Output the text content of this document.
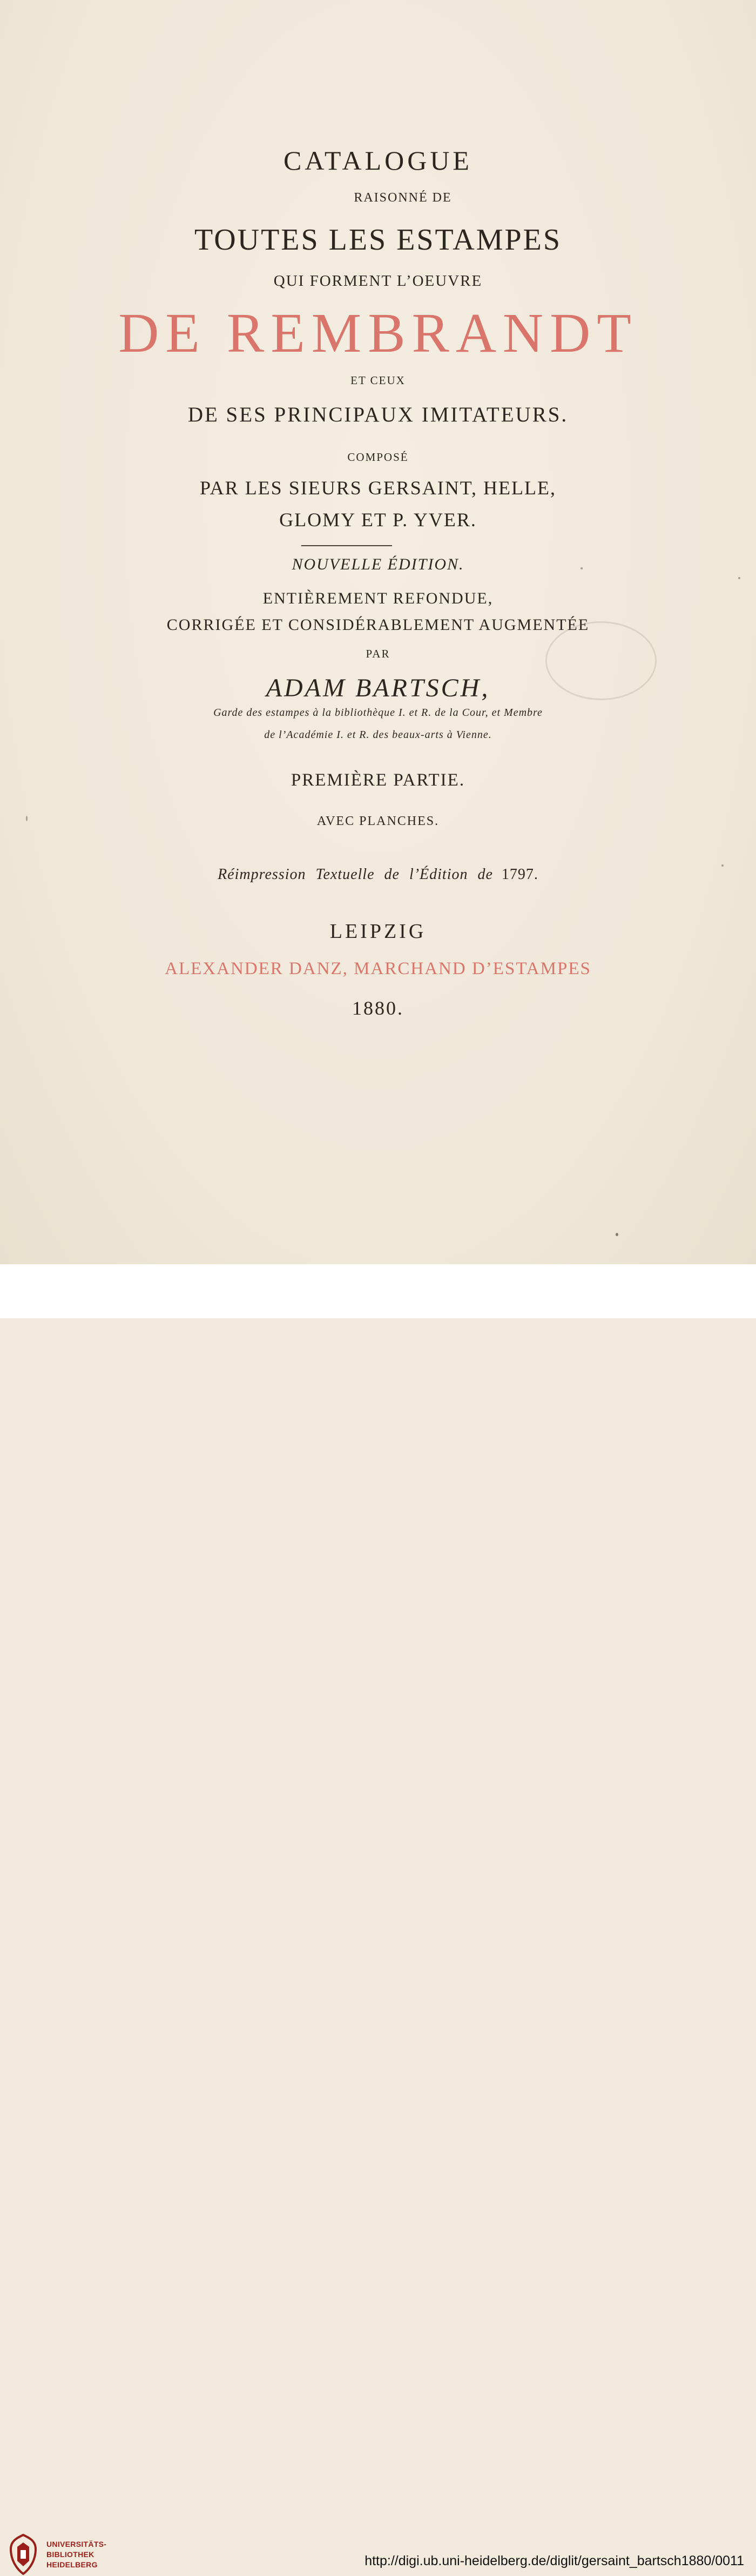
CATALOGUE
RAISONNÉ DE
TOUTES LES ESTAMPES
QUI FORMENT L’OEUVRE
DE REMBRANDT
ET CEUX
DE SES PRINCIPAUX IMITATEURS.
COMPOSÉ
PAR LES SIEURS GERSAINT, HELLE,
GLOMY ET P. YVER.
NOUVELLE ÉDITION.
ENTIÈREMENT REFONDUE,
CORRIGÉE ET CONSIDÉRABLEMENT AUGMENTÉE
PAR
ADAM BARTSCH,
Garde des estampes à la bibliothèque I. et R. de la Cour, et Membre
de l’Académie I. et R. des beaux-arts à Vienne.
PREMIÈRE PARTIE.
AVEC PLANCHES.
Réimpression Textuelle de l’Édition de 1797.
LEIPZIG
ALEXANDER DANZ, MARCHAND D’ESTAMPES
1880.
UNIVERSITÄTS-
BIBLIOTHEK
HEIDELBERG	http://digi.ub.uni-heidelberg.de/diglit/gersaint_bartsch1880/0011
